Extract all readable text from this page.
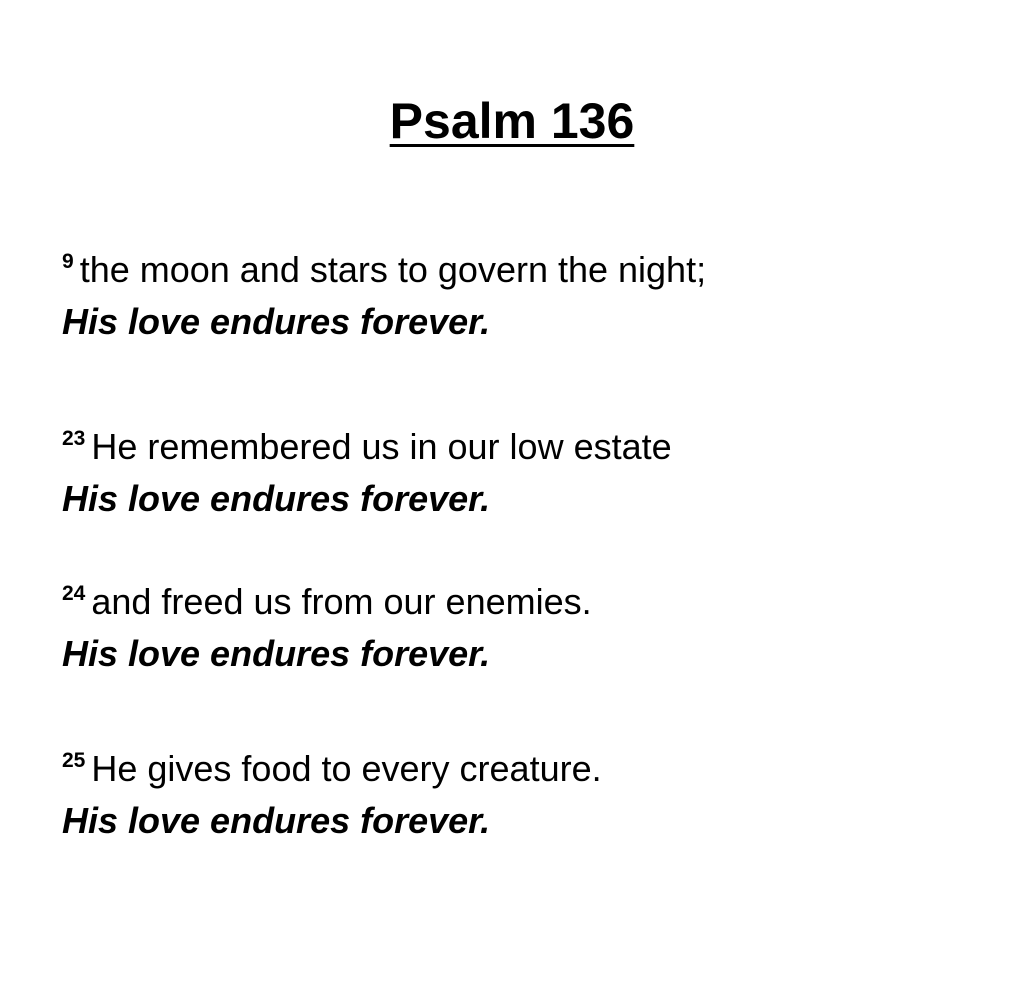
Psalm 136
$^9$ the moon and stars to govern the night;
His love endures forever.
$^{23}$ He remembered us in our low estate
His love endures forever.
$^{24}$ and freed us from our enemies.
His love endures forever.
$^{25}$ He gives food to every creature.
His love endures forever.
